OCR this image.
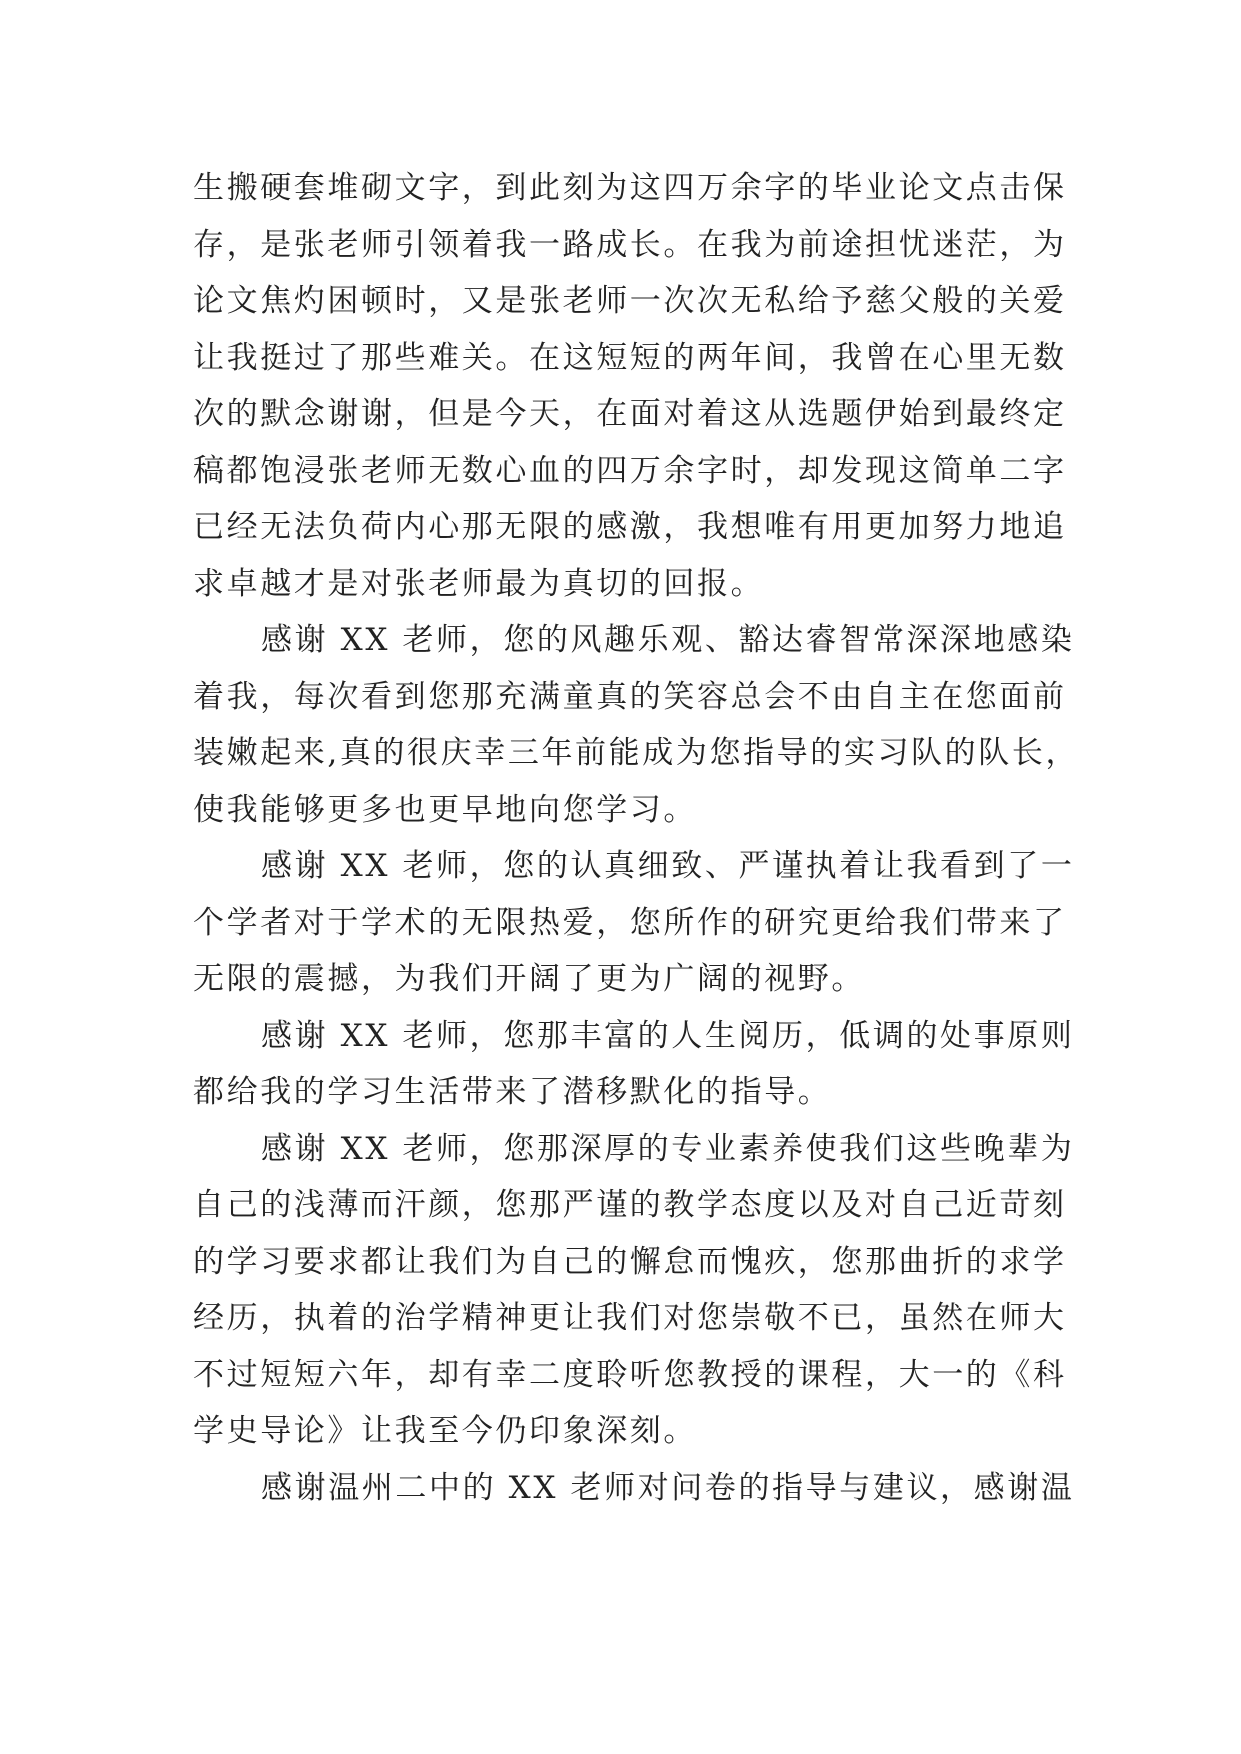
生搬硬套堆砌文字，到此刻为这四万余字的毕业论文点击保
存，是张老师引领着我一路成长。在我为前途担忧迷茫，为
论文焦灼困顿时，又是张老师一次次无私给予慈父般的关爱
让我挺过了那些难关。在这短短的两年间，我曾在心里无数
次的默念谢谢，但是今天，在面对着这从选题伊始到最终定
稿都饱浸张老师无数心血的四万余字时，却发现这简单二字
已经无法负荷内心那无限的感激，我想唯有用更加努力地追
求卓越才是对张老师最为真切的回报。
感谢 XX 老师，您的风趣乐观、豁达睿智常深深地感染
着我，每次看到您那充满童真的笑容总会不由自主在您面前
装嫩起来,真的很庆幸三年前能成为您指导的实习队的队长，
使我能够更多也更早地向您学习。
感谢 XX 老师，您的认真细致、严谨执着让我看到了一
个学者对于学术的无限热爱，您所作的研究更给我们带来了
无限的震撼，为我们开阔了更为广阔的视野。
感谢 XX 老师，您那丰富的人生阅历，低调的处事原则
都给我的学习生活带来了潜移默化的指导。
感谢 XX 老师，您那深厚的专业素养使我们这些晚辈为
自己的浅薄而汗颜，您那严谨的教学态度以及对自己近苛刻
的学习要求都让我们为自己的懈怠而愧疚，您那曲折的求学
经历，执着的治学精神更让我们对您崇敬不已，虽然在师大
不过短短六年，却有幸二度聆听您教授的课程，大一的《科
学史导论》让我至今仍印象深刻。
感谢温州二中的 XX 老师对问卷的指导与建议，感谢温
